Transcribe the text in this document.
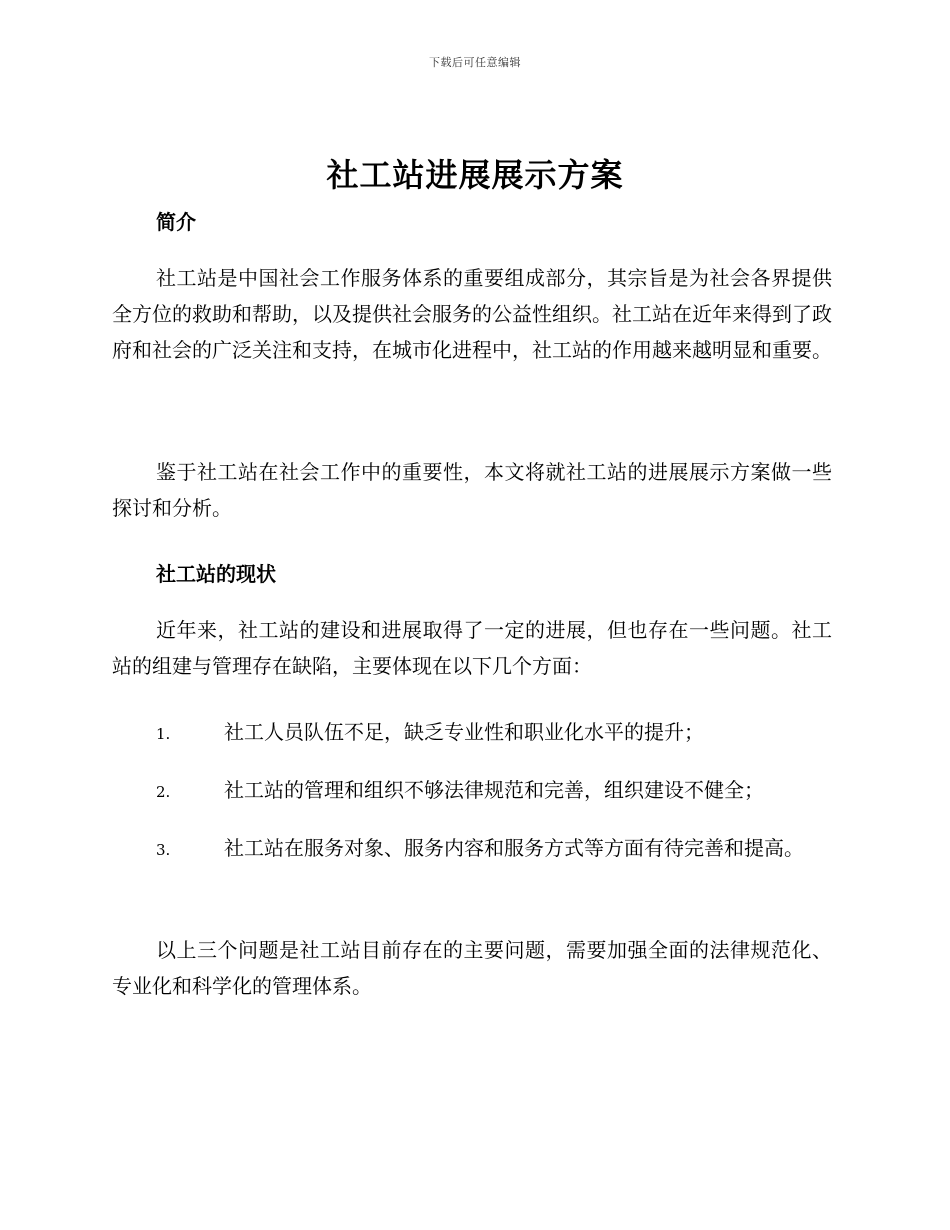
下载后可任意编辑
社工站进展展示方案
简介

社工站是中国社会工作服务体系的重要组成部分，其宗旨是为社会各界提供全方位的救助和帮助，以及提供社会服务的公益性组织。社工站在近年来得到了政府和社会的广泛关注和支持，在城市化进程中，社工站的作用越来越明显和重要。

鉴于社工站在社会工作中的重要性，本文将就社工站的进展展示方案做一些探讨和分析。

社工站的现状

近年来，社工站的建设和进展取得了一定的进展，但也存在一些问题。社工站的组建与管理存在缺陷，主要体现在以下几个方面：

1.	社工人员队伍不足，缺乏专业性和职业化水平的提升；

2.	社工站的管理和组织不够法律规范和完善，组织建设不健全；

3.	社工站在服务对象、服务内容和服务方式等方面有待完善和提高。

以上三个问题是社工站目前存在的主要问题，需要加强全面的法律规范化、专业化和科学化的管理体系。
